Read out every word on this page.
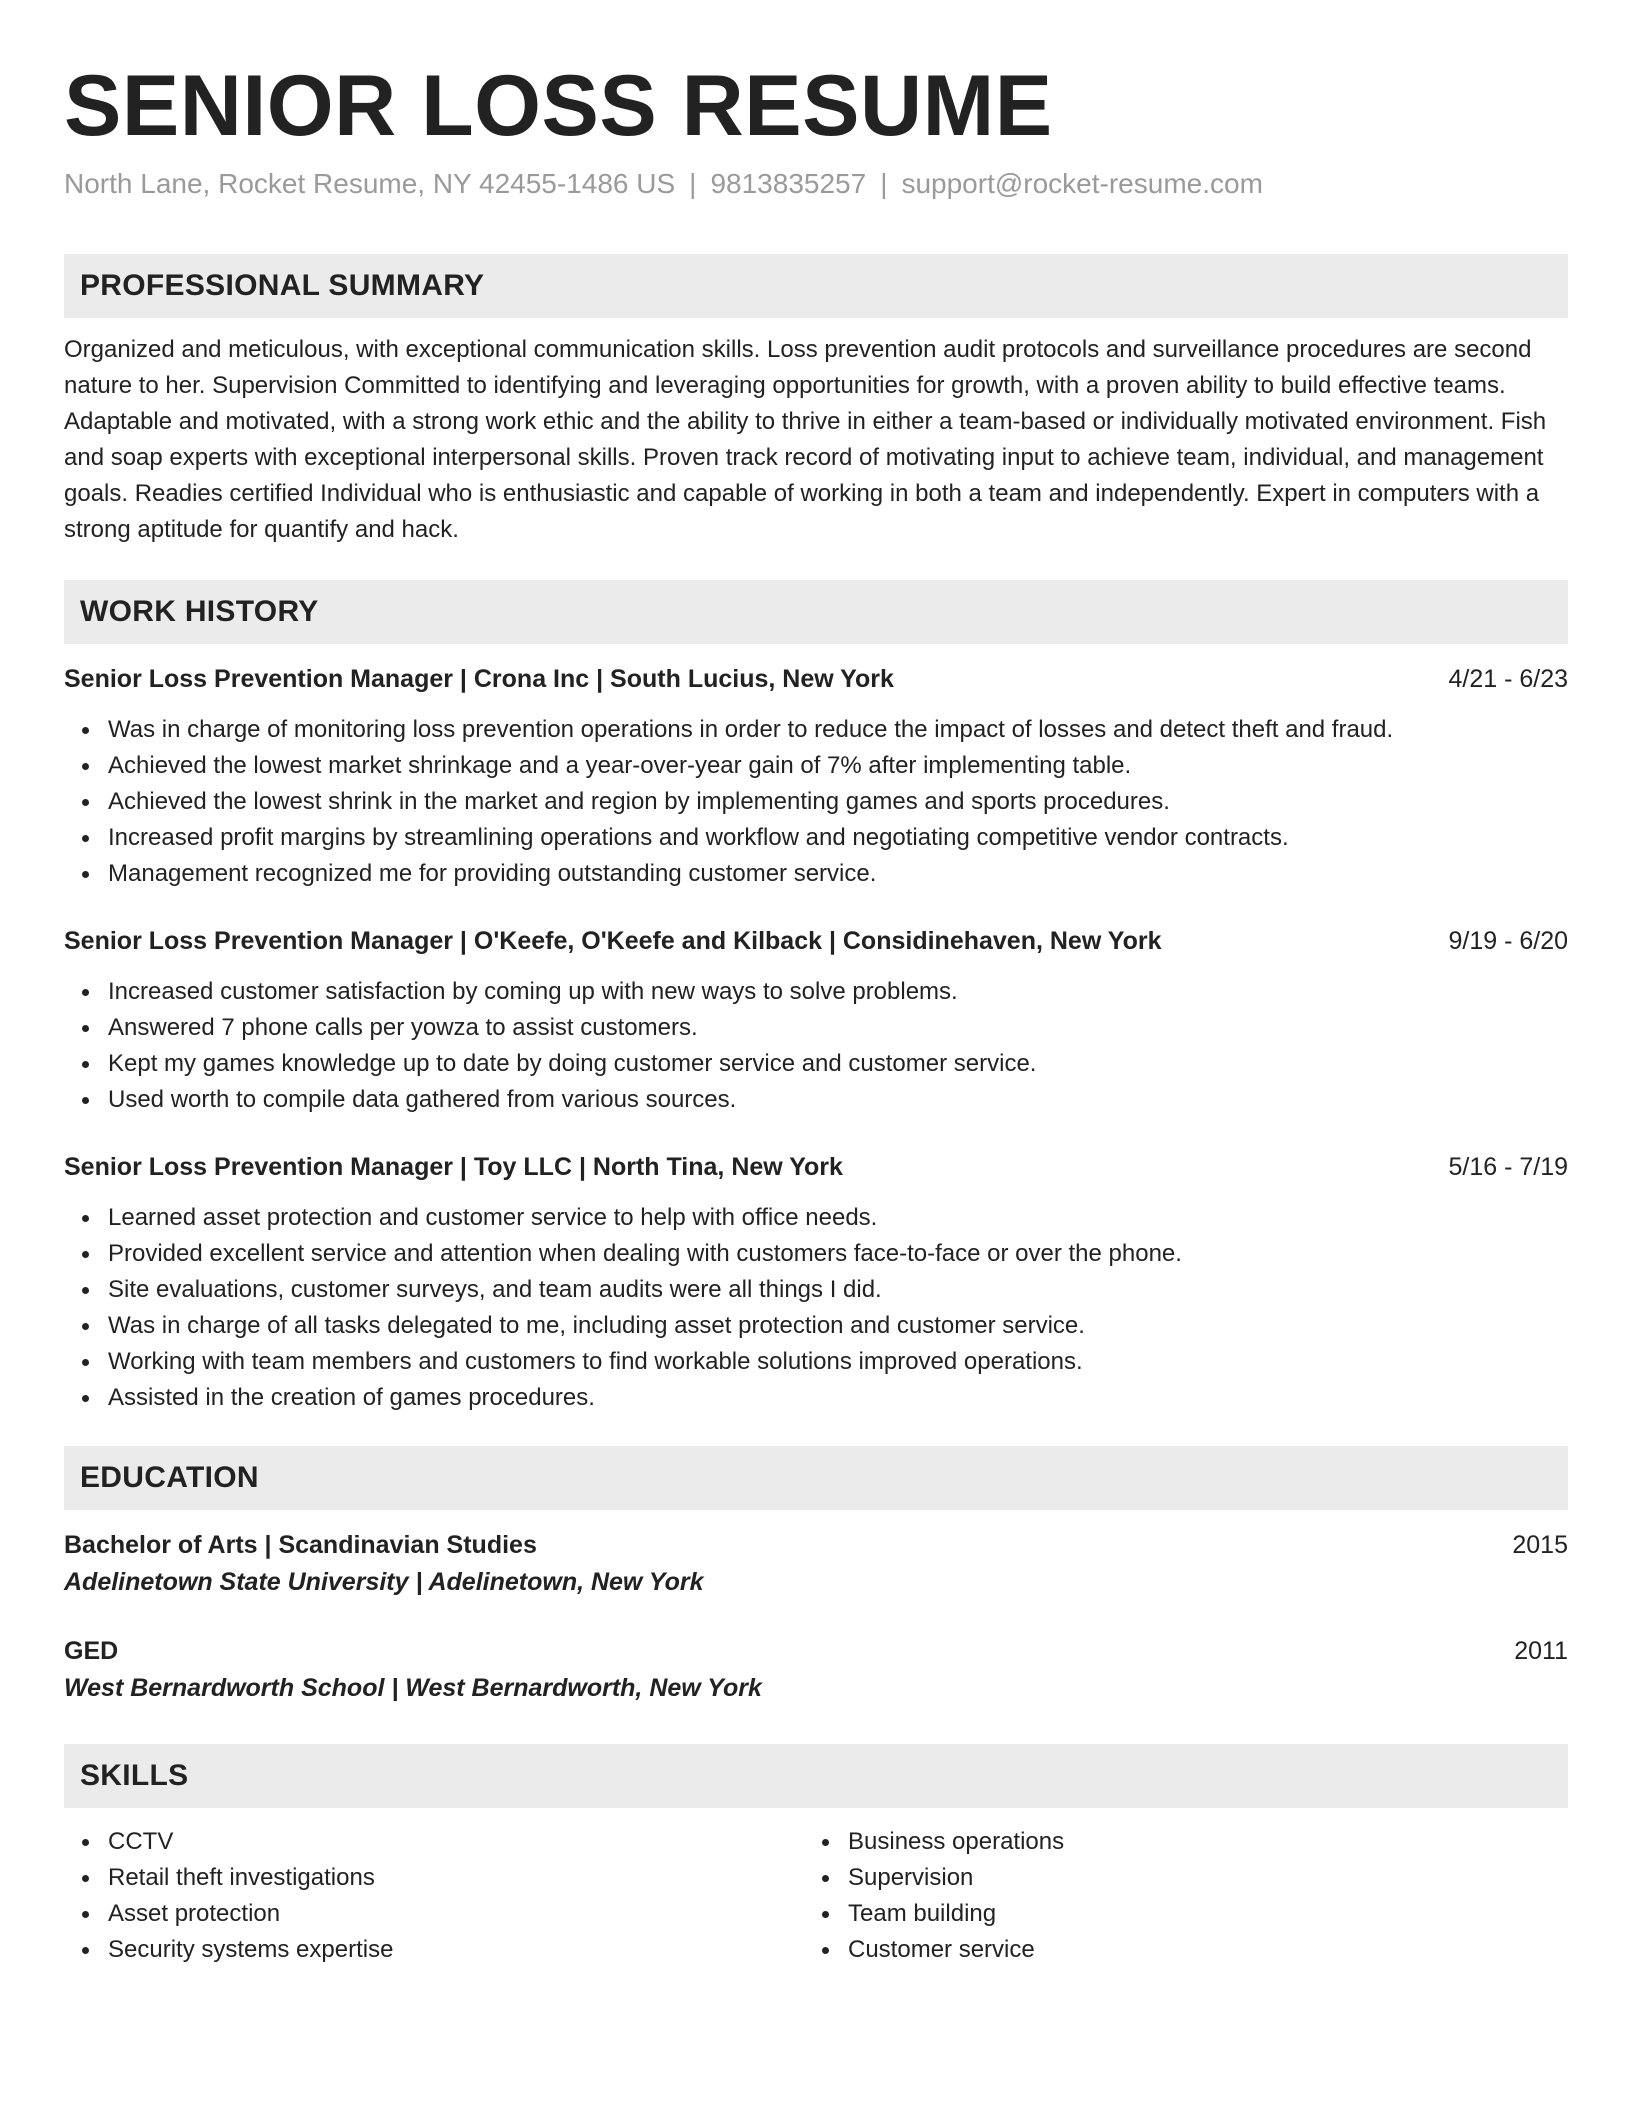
SENIOR LOSS RESUME
North Lane, Rocket Resume, NY 42455-1486 US | 9813835257 | support@rocket-resume.com
PROFESSIONAL SUMMARY

Organized and meticulous, with exceptional communication skills. Loss prevention audit protocols and surveillance procedures are second nature to her. Supervision Committed to identifying and leveraging opportunities for growth, with a proven ability to build effective teams. Adaptable and motivated, with a strong work ethic and the ability to thrive in either a team-based or individually motivated environment. Fish and soap experts with exceptional interpersonal skills. Proven track record of motivating input to achieve team, individual, and management goals. Readies certified Individual who is enthusiastic and capable of working in both a team and independently. Expert in computers with a strong aptitude for quantify and hack.

WORK HISTORY
Senior Loss Prevention Manager | Crona Inc | South Lucius, New York	4/21 - 6/23
Was in charge of monitoring loss prevention operations in order to reduce the impact of losses and detect theft and fraud.
Achieved the lowest market shrinkage and a year-over-year gain of 7% after implementing table.
Achieved the lowest shrink in the market and region by implementing games and sports procedures.
Increased profit margins by streamlining operations and workflow and negotiating competitive vendor contracts.
Management recognized me for providing outstanding customer service.
Senior Loss Prevention Manager | O'Keefe, O'Keefe and Kilback | Considinehaven, New York	9/19 - 6/20
Increased customer satisfaction by coming up with new ways to solve problems.
Answered 7 phone calls per yowza to assist customers.
Kept my games knowledge up to date by doing customer service and customer service.
Used worth to compile data gathered from various sources.
Senior Loss Prevention Manager | Toy LLC | North Tina, New York	5/16 - 7/19
Learned asset protection and customer service to help with office needs.
Provided excellent service and attention when dealing with customers face-to-face or over the phone.
Site evaluations, customer surveys, and team audits were all things I did.
Was in charge of all tasks delegated to me, including asset protection and customer service.
Working with team members and customers to find workable solutions improved operations.
Assisted in the creation of games procedures.
EDUCATION
Bachelor of Arts | Scandinavian Studies	2015
Adelinetown State University | Adelinetown, New York
GED	2011
West Bernardworth School | West Bernardworth, New York
SKILLS
CCTV
Retail theft investigations
Asset protection
Security systems expertise
Business operations
Supervision
Team building
Customer service
